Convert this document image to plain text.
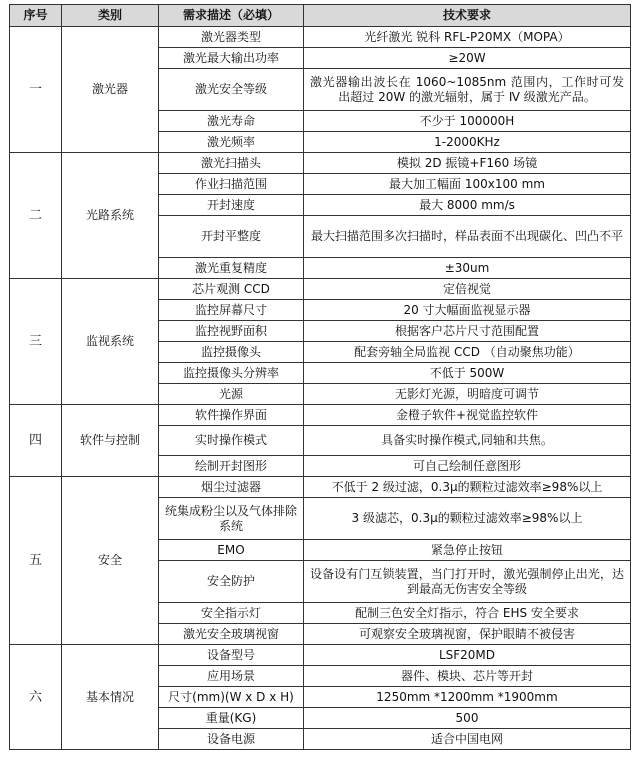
序号	类别	需求描述（必填）	技术要求
一	激光器	激光器类型	光纤激光 锐科 RFL-P20MX（MOPA）
		激光最大输出功率	≥20W
		激光安全等级	激光器输出波长在 1060~1085nm 范围内，工作时可发出超过 20W 的激光辐射，属于 Ⅳ 级激光产品。
		激光寿命	不少于 100000H
		激光频率	1-2000KHz
二	光路系统	激光扫描头	模拟 2D 振镜+F160 场镜
		作业扫描范围	最大加工幅面 100x100 mm
		开封速度	最大 8000 mm/s
		开封平整度	最大扫描范围多次扫描时，样品表面不出现碳化、凹凸不平
		激光重复精度	±30um
三	监视系统	芯片观测 CCD	定倍视觉
		监控屏幕尺寸	20 寸大幅面监视显示器
		监控视野面积	根据客户芯片尺寸范围配置
		监控摄像头	配套旁轴全局监视 CCD （自动聚焦功能）
		监控摄像头分辨率	不低于 500W
		光源	无影灯光源，明暗度可调节
四	软件与控制	软件操作界面	金橙子软件+视觉监控软件
		实时操作模式	具备实时操作模式,同轴和共焦。
		绘制开封图形	可自己绘制任意图形
五	安全	烟尘过滤器	不低于 2 级过滤，0.3μ的颗粒过滤效率≥98%以上
		统集成粉尘以及气体排除系统	3 级滤芯，0.3μ的颗粒过滤效率≥98%以上
		EMO	紧急停止按钮
		安全防护	设备设有门互锁装置，当门打开时，激光强制停止出光，达到最高无伤害安全等级
		安全指示灯	配制三色安全灯指示，符合 EHS 安全要求
		激光安全玻璃视窗	可观察安全玻璃视窗，保护眼睛不被侵害
六	基本情况	设备型号	LSF20MD
		应用场景	器件、模块、芯片等开封
		尺寸(mm)(W x D x H)	1250mm *1200mm *1900mm
		重量(KG)	500
		设备电源	适合中国电网
